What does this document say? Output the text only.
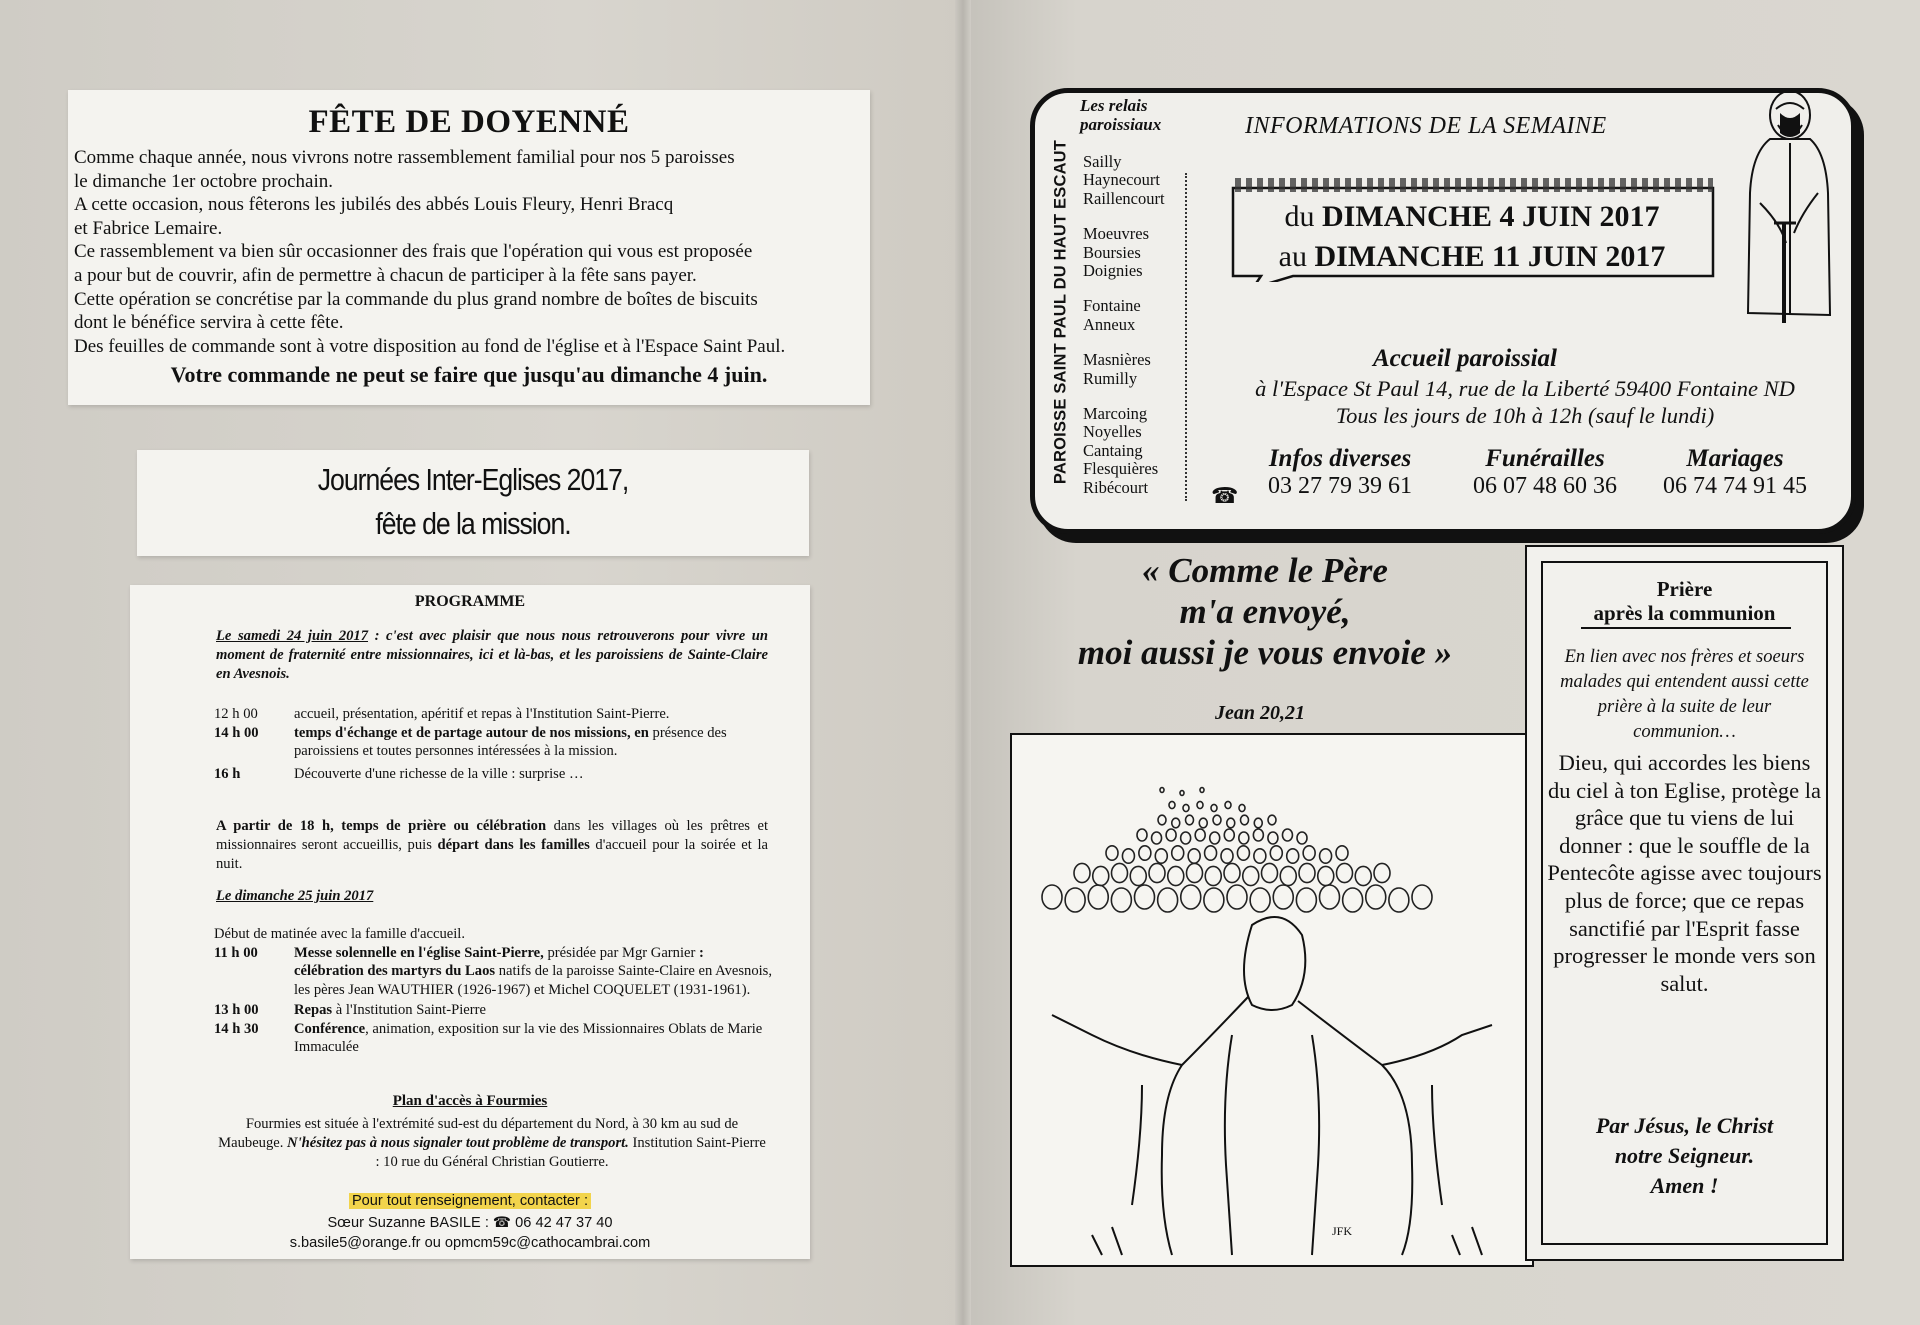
FÊTE DE DOYENNÉ

Comme chaque année, nous vivrons notre rassemblement familial pour nos 5 paroisses

le dimanche 1er octobre prochain.

A cette occasion, nous fêterons les jubilés des abbés Louis Fleury, Henri Bracq

et Fabrice Lemaire.

Ce rassemblement va bien sûr occasionner des frais que l'opération qui vous est proposée

a pour but de couvrir, afin de permettre à chacun de participer à la fête sans payer.

Cette opération se concrétise par la commande du plus grand nombre de boîtes de biscuits

dont le bénéfice servira à cette fête.

Des feuilles de commande sont à votre disposition au fond de l'église et à l'Espace Saint Paul.

Votre commande ne peut se faire que jusqu'au dimanche 4 juin.
Journées Inter-Eglises 2017,
fête de la mission.
PROGRAMME
Le samedi 24 juin 2017 : c'est avec plaisir que nous nous retrouverons pour vivre un moment de fraternité entre missionnaires, ici et là-bas, et les paroissiens de Sainte-Claire en Avesnois.
12 h 00	accueil, présentation, apéritif et repas à l'Institution Saint-Pierre.
14 h 00	temps d'échange et de partage autour de nos missions, en présence des paroissiens et toutes personnes intéressées à la mission.
16 h	Découverte d'une richesse de la ville : surprise …
A partir de 18 h, temps de prière ou célébration dans les villages où les prêtres et missionnaires seront accueillis, puis départ dans les familles d'accueil pour la soirée et la nuit.
Le dimanche 25 juin 2017
Début de matinée avec la famille d'accueil.
11 h 00	Messe solennelle en l'église Saint-Pierre, présidée par Mgr Garnier : célébration des martyrs du Laos natifs de la paroisse Sainte-Claire en Avesnois, les pères Jean WAUTHIER (1926-1967) et Michel COQUELET (1931-1961).
13 h 00	Repas à l'Institution Saint-Pierre
14 h 30	Conférence, animation, exposition sur la vie des Missionnaires Oblats de Marie Immaculée
Plan d'accès à Fourmies
Fourmies est située à l'extrémité sud-est du département du Nord, à 30 km au sud de Maubeuge. N'hésitez pas à nous signaler tout problème de transport. Institution Saint-Pierre : 10 rue du Général Christian Goutierre.
Pour tout renseignement, contacter :
Sœur Suzanne BASILE : ☎ 06 42 47 37 40
s.basile5@orange.fr ou opmcm59c@cathocambrai.com
PAROISSE SAINT PAUL DU HAUT ESCAUT
Les relais
paroissiaux
Sailly
Haynecourt
Raillencourt
Moeuvres
Boursies
Doignies
Fontaine
Anneux
Masnières
Rumilly
Marcoing
Noyelles
Cantaing
Flesquières
Ribécourt
INFORMATIONS DE LA SEMAINE
du DIMANCHE 4 JUIN 2017
au DIMANCHE 11 JUIN 2017
Accueil paroissial
à l'Espace St Paul 14, rue de la Liberté 59400 Fontaine ND
Tous les jours de 10h à 12h (sauf le lundi)
☎
Infos diverses
03 27 79 39 61
Funérailles
06 07 48 60 36
Mariages
06 74 74 91 45
« Comme le Père
m'a envoyé,
moi aussi je vous envoie »
Jean 20,21
JFK
Prière
après la communion
En lien avec nos frères et soeurs malades qui entendent aussi cette prière à la suite de leur communion…
Dieu, qui accordes les biens du ciel à ton Eglise, protège la grâce que tu viens de lui donner : que le souffle de la Pentecôte agisse avec toujours plus de force; que ce repas sanctifié par l'Esprit fasse progresser le monde vers son salut.
Par Jésus, le Christ
notre Seigneur.
Amen !
